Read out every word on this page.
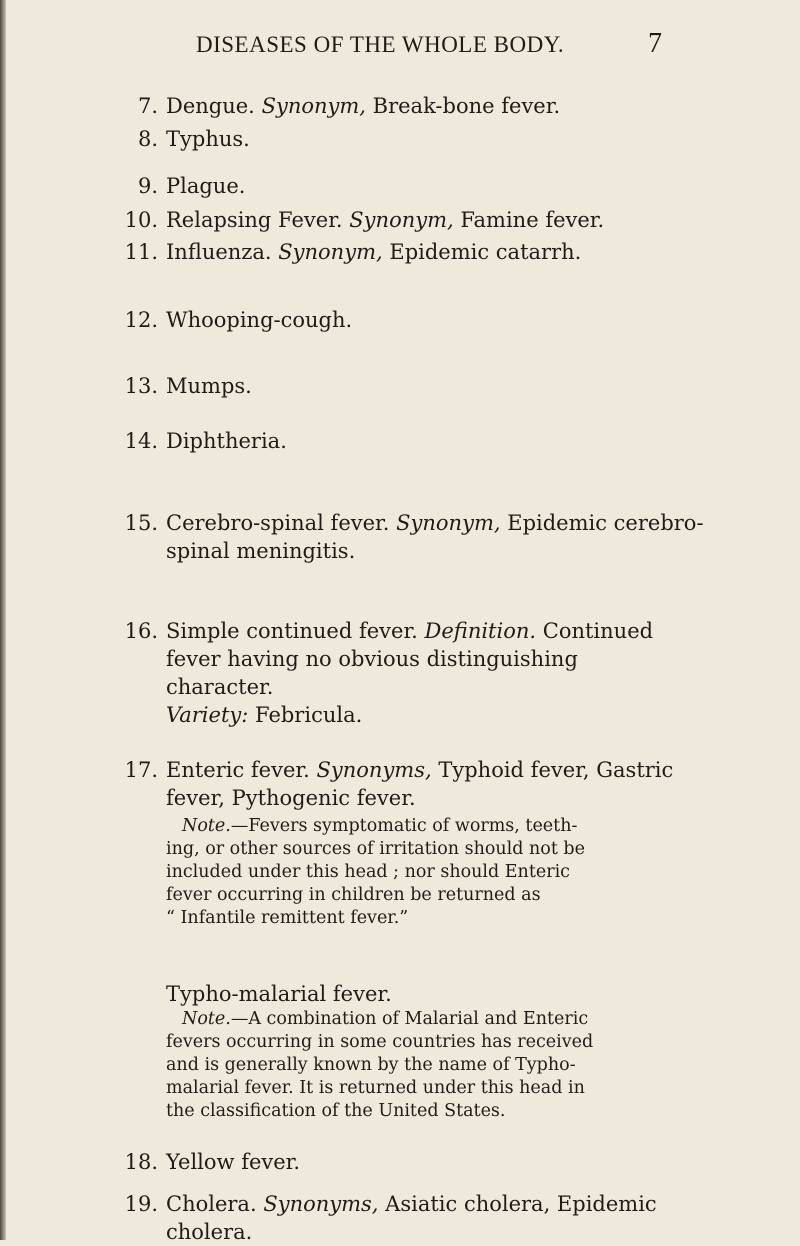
DISEASES OF THE WHOLE BODY.	7
7. Dengue. Synonym, Break-bone fever.
8. Typhus.
9. Plague.
10. Relapsing Fever. Synonym, Famine fever.
11. Influenza. Synonym, Epidemic catarrh.
12. Whooping-cough.
13. Mumps.
14. Diphtheria.
15. Cerebro-spinal fever. Synonym, Epidemic cerebro-
spinal meningitis.
16. Simple continued fever. Definition. Continued
fever having no obvious distinguishing
character.
Variety: Febricula.
17. Enteric fever. Synonyms, Typhoid fever, Gastric
fever, Pythogenic fever.
Note.—Fevers symptomatic of worms, teeth-
ing, or other sources of irritation should not be
included under this head ; nor should Enteric
fever occurring in children be returned as
“ Infantile remittent fever.”
Typho-malarial fever.
Note.—A combination of Malarial and Enteric
fevers occurring in some countries has received
and is generally known by the name of Typho-
malarial fever. It is returned under this head in
the classification of the United States.
18. Yellow fever.
19. Cholera. Synonyms, Asiatic cholera, Epidemic
cholera.
